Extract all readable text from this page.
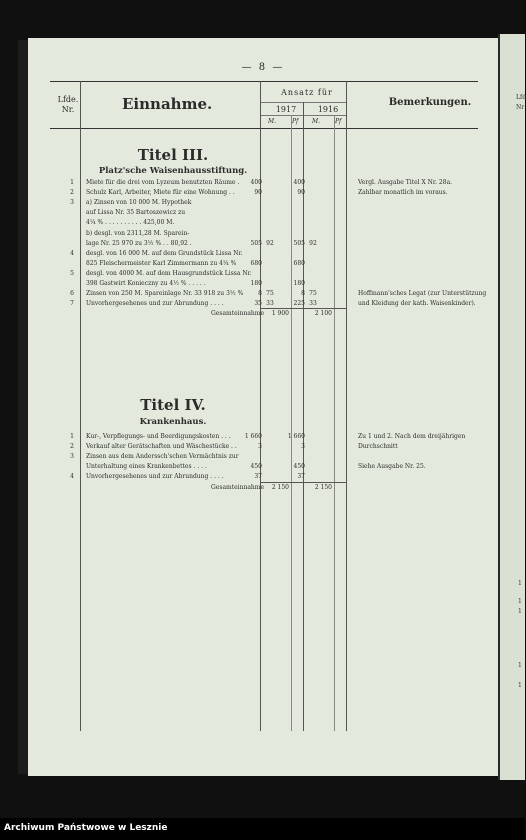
Lfd
Nr
1
1
1
1
1
— 8 —
Lfde. Nr.	Einnahme.
Ansatz für
1917	1916
M.	Pf M. Pf
Bemerkungen.
Titel III.
Platz'sche Waisenhausstiftung.
1 Miete für die drei vom Lyzeum benutzten Räume .	400	400	Vergl. Ausgabe Titel X Nr. 28a.
2 Schulz Karl, Arbeiter, Miete für eine Wohnung . .	90	90	Zahlbar monatlich im voraus.
3 a) Zinsen von 10 000 M. Hypothek
auf Lissa Nr. 35 Bartoszewicz zu
4¼ % . . . . . . . . . . 425,00 M.
b) desgl. von 2311,28 M. Sparein-
lage Nr. 25 970 zu 3½ % . . 80,92 .	505 92	505 92
4 desgl. von 16 000 M. auf dem Grundstück Lissa Nr.
825 Fleischermeister Karl Zimmermann zu 4¼ %	680	680
5 desgl. von 4000 M. auf dem Hausgrundstück Lissa Nr.
398 Gastwirt Konieczny zu 4½ % . . . . .	180	180
6 Zinsen von 250 M. Spareinlage Nr. 33 918 zu 3½ %	8 75	8 75	Hoffmann'sches Legat (zur Unterstützung
7 Unvorhergesehenes und zur Abrundung . . . .	35 33	225 33	und Kleidung der kath. Waisenkinder).
Gesamteinnahme	1 900	2 100
Titel IV.
Krankenhaus.
1 Kur-, Verpflegungs- und Beerdigungskosten . . .	1 660	1 660	Zu 1 und 2. Nach dem dreijährigen
2 Verkauf alter Gerätschaften und Wäschestücke . .	3	3	Durchschnitt
3 Zinsen aus dem Anderssch'schen Vermächtnis zur
Unterhaltung eines Krankenbettes . . . .	450	450	Siehe Ausgabe Nr. 25.
4 Unvorhergesehenes und zur Abrundung . . . .	37	37
Gesamteinnahme	2 150	2 150
Archiwum Państwowe w Lesznie
